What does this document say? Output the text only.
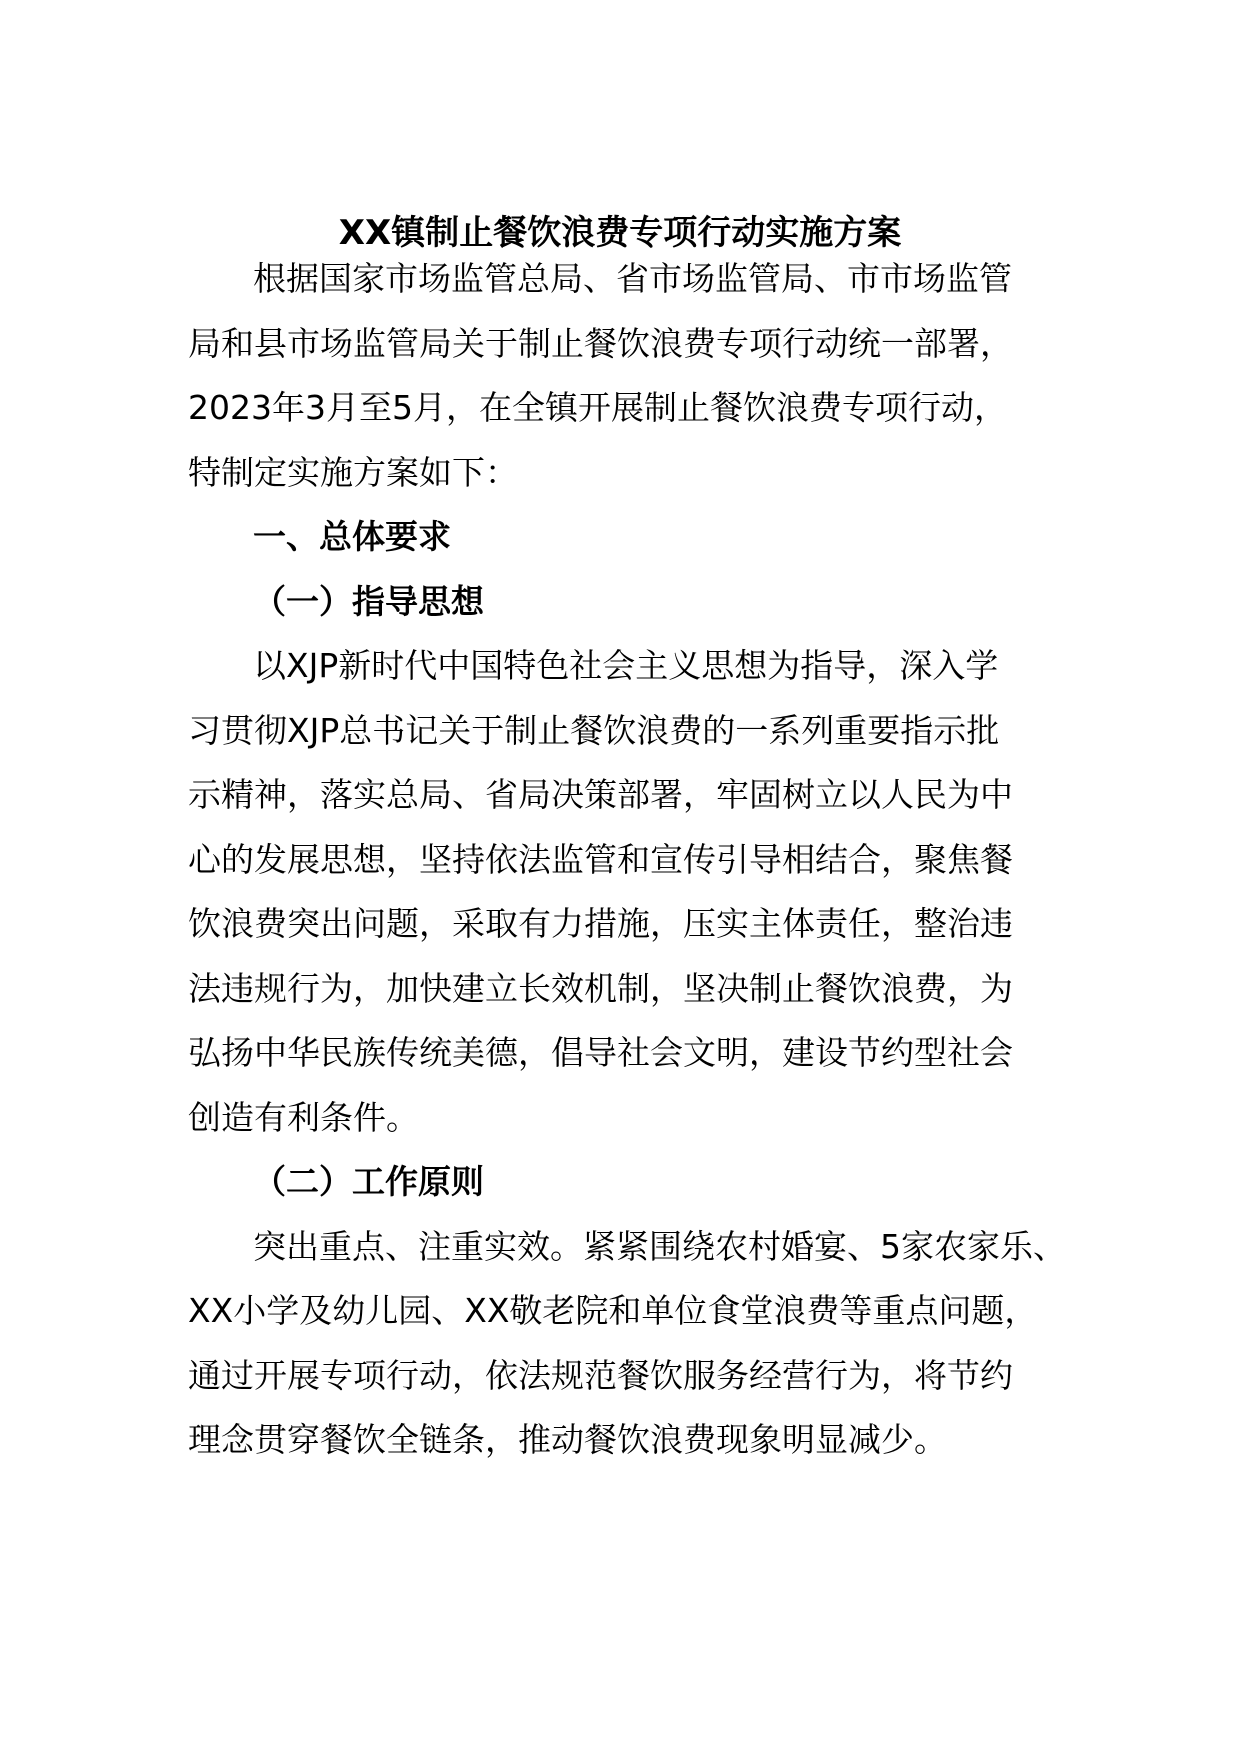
XX镇制止餐饮浪费专项行动实施方案

根据国家市场监管总局、省市场监管局、市市场监管

局和县市场监管局关于制止餐饮浪费专项行动统一部署，

2023年3月至5月，在全镇开展制止餐饮浪费专项行动，

特制定实施方案如下：

一、总体要求

（一）指导思想

以XJP新时代中国特色社会主义思想为指导，深入学

习贯彻XJP总书记关于制止餐饮浪费的一系列重要指示批

示精神，落实总局、省局决策部署，牢固树立以人民为中

心的发展思想，坚持依法监管和宣传引导相结合，聚焦餐

饮浪费突出问题，采取有力措施，压实主体责任，整治违

法违规行为，加快建立长效机制，坚决制止餐饮浪费，为

弘扬中华民族传统美德，倡导社会文明，建设节约型社会

创造有利条件。

（二）工作原则

突出重点、注重实效。紧紧围绕农村婚宴、5家农家乐、

XX小学及幼儿园、XX敬老院和单位食堂浪费等重点问题，

通过开展专项行动，依法规范餐饮服务经营行为，将节约

理念贯穿餐饮全链条，推动餐饮浪费现象明显减少。
